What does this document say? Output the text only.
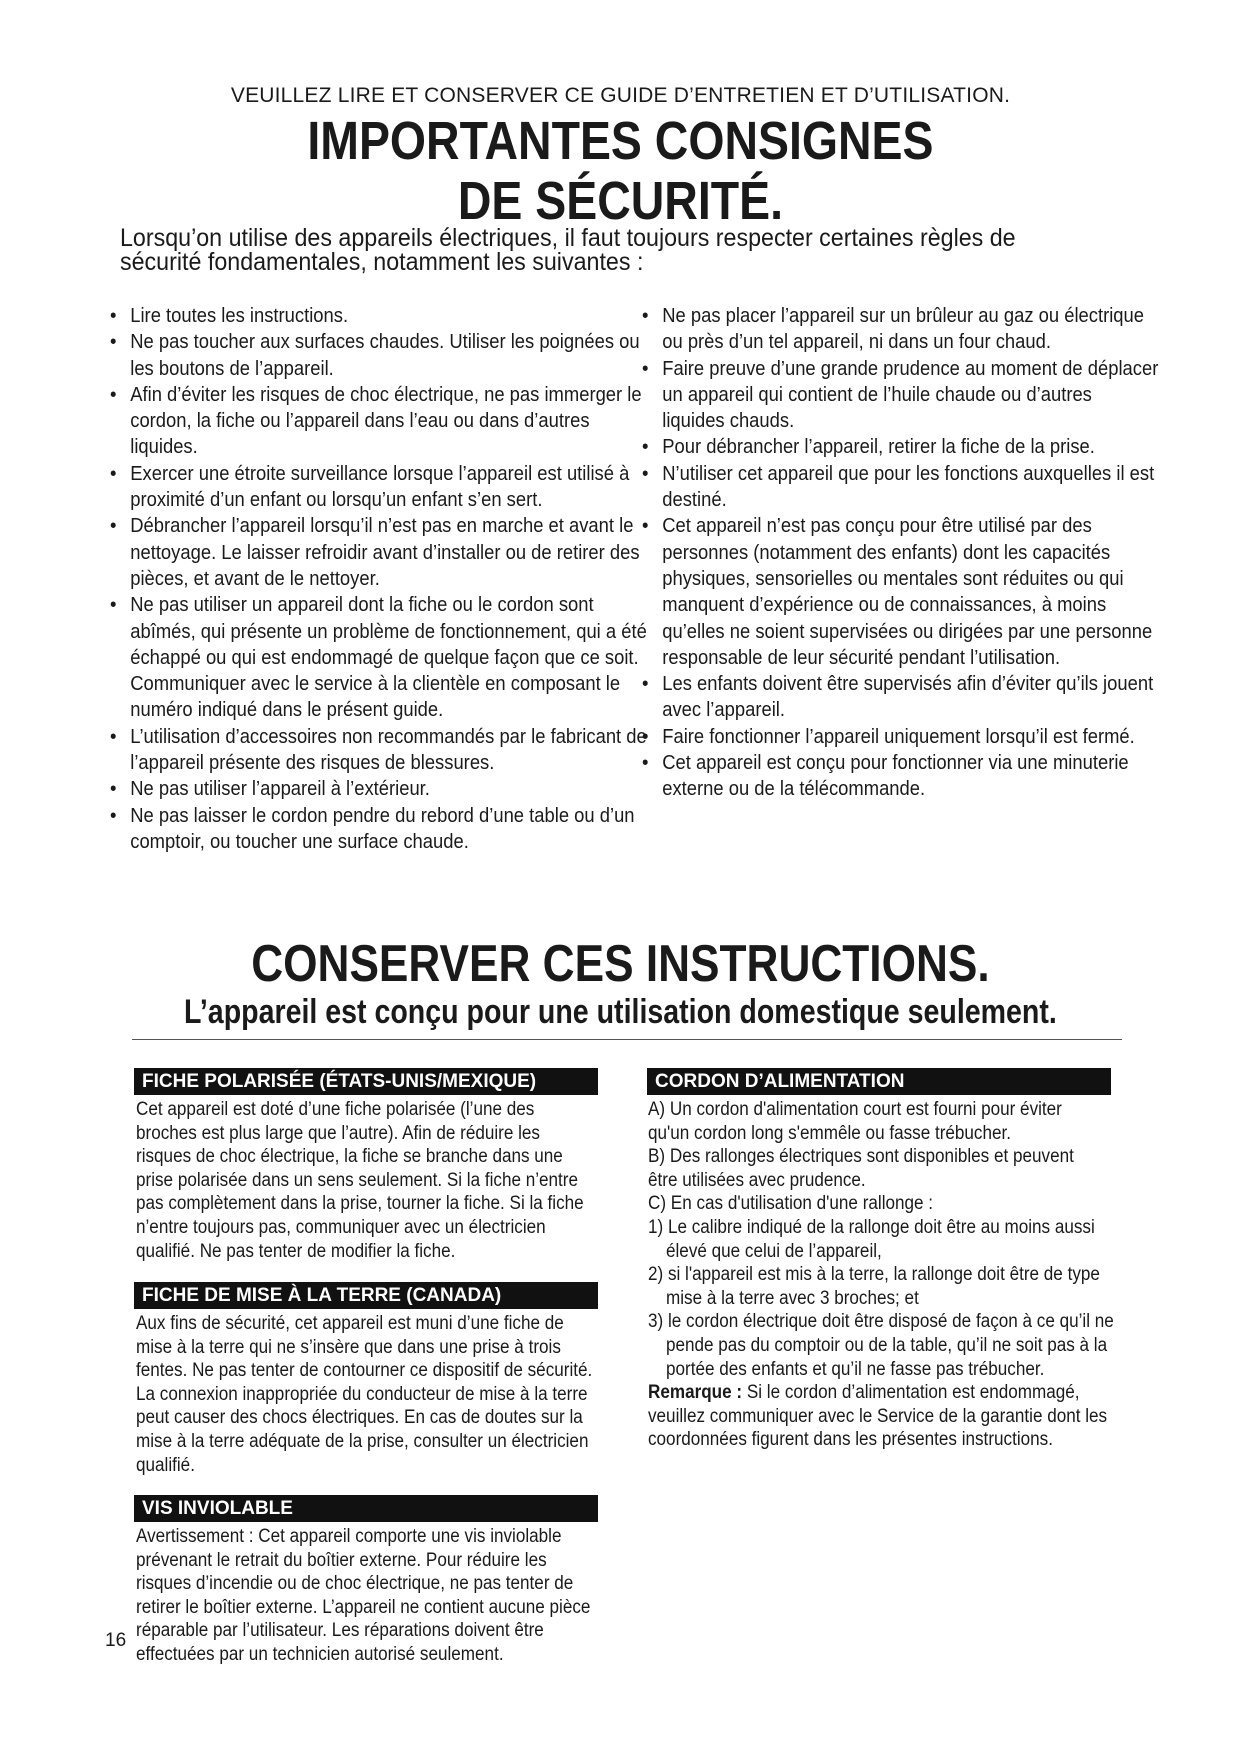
VEUILLEZ LIRE ET CONSERVER CE GUIDE D’ENTRETIEN ET D’UTILISATION.
IMPORTANTES CONSIGNES
DE SÉCURITÉ.
Lorsqu’on utilise des appareils électriques, il faut toujours respecter certaines règles de sécurité fondamentales, notamment les suivantes :
• Lire toutes les instructions.
• Ne pas toucher aux surfaces chaudes. Utiliser les poignées ou les boutons de l’appareil.
• Afin d’éviter les risques de choc électrique, ne pas immerger le cordon, la fiche ou l’appareil dans l’eau ou dans d’autres liquides.
• Exercer une étroite surveillance lorsque l’appareil est utilisé à proximité d’un enfant ou lorsqu’un enfant s’en sert.
• Débrancher l’appareil lorsqu’il n’est pas en marche et avant le nettoyage. Le laisser refroidir avant d’installer ou de retirer des pièces, et avant de le nettoyer.
• Ne pas utiliser un appareil dont la fiche ou le cordon sont abîmés, qui présente un problème de fonctionnement, qui a été échappé ou qui est endommagé de quelque façon que ce soit. Communiquer avec le service à la clientèle en composant le numéro indiqué dans le présent guide.
• L’utilisation d’accessoires non recommandés par le fabricant de l’appareil présente des risques de blessures.
• Ne pas utiliser l’appareil à l’extérieur.
• Ne pas laisser le cordon pendre du rebord d’une table ou d’un comptoir, ou toucher une surface chaude.
• Ne pas placer l’appareil sur un brûleur au gaz ou électrique ou près d’un tel appareil, ni dans un four chaud.
• Faire preuve d’une grande prudence au moment de déplacer un appareil qui contient de l’huile chaude ou d’autres liquides chauds.
• Pour débrancher l’appareil, retirer la fiche de la prise.
• N’utiliser cet appareil que pour les fonctions auxquelles il est destiné.
• Cet appareil n’est pas conçu pour être utilisé par des personnes (notamment des enfants) dont les capacités physiques, sensorielles ou mentales sont réduites ou qui manquent d’expérience ou de connaissances, à moins qu’elles ne soient supervisées ou dirigées par une personne responsable de leur sécurité pendant l’utilisation.
• Les enfants doivent être supervisés afin d’éviter qu’ils jouent avec l’appareil.
• Faire fonctionner l’appareil uniquement lorsqu’il est fermé.
• Cet appareil est conçu pour fonctionner via une minuterie externe ou de la télécommande.
CONSERVER CES INSTRUCTIONS.
L’appareil est conçu pour une utilisation domestique seulement.
FICHE POLARISÉE (ÉTATS-UNIS/MEXIQUE)

Cet appareil est doté d’une fiche polarisée (l’une des broches est plus large que l’autre). Afin de réduire les risques de choc électrique, la fiche se branche dans une prise polarisée dans un sens seulement. Si la fiche n’entre pas complètement dans la prise, tourner la fiche. Si la fiche n’entre toujours pas, communiquer avec un électricien qualifié. Ne pas tenter de modifier la fiche.

FICHE DE MISE À LA TERRE (CANADA)

Aux fins de sécurité, cet appareil est muni d’une fiche de mise à la terre qui ne s’insère que dans une prise à trois fentes. Ne pas tenter de contourner ce dispositif de sécurité. La connexion inappropriée du conducteur de mise à la terre peut causer des chocs électriques. En cas de doutes sur la mise à la terre adéquate de la prise, consulter un électricien qualifié.

VIS INVIOLABLE

Avertissement : Cet appareil comporte une vis inviolable prévenant le retrait du boîtier externe. Pour réduire les risques d’incendie ou de choc électrique, ne pas tenter de retirer le boîtier externe. L’appareil ne contient aucune pièce réparable par l’utilisateur. Les réparations doivent être effectuées par un technicien autorisé seulement.

CORDON D’ALIMENTATION

A) Un cordon d'alimentation court est fourni pour éviter qu'un cordon long s'emmêle ou fasse trébucher.

B) Des rallonges électriques sont disponibles et peuvent être utilisées avec prudence.

C) En cas d'utilisation d'une rallonge :

1) Le calibre indiqué de la rallonge doit être au moins aussi élevé que celui de l’appareil,

2) si l'appareil est mis à la terre, la rallonge doit être de type mise à la terre avec 3 broches; et

3) le cordon électrique doit être disposé de façon à ce qu’il ne pende pas du comptoir ou de la table, qu’il ne soit pas à la portée des enfants et qu’il ne fasse pas trébucher.

Remarque : Si le cordon d’alimentation est endommagé, veuillez communiquer avec le Service de la garantie dont les coordonnées figurent dans les présentes instructions.

16
